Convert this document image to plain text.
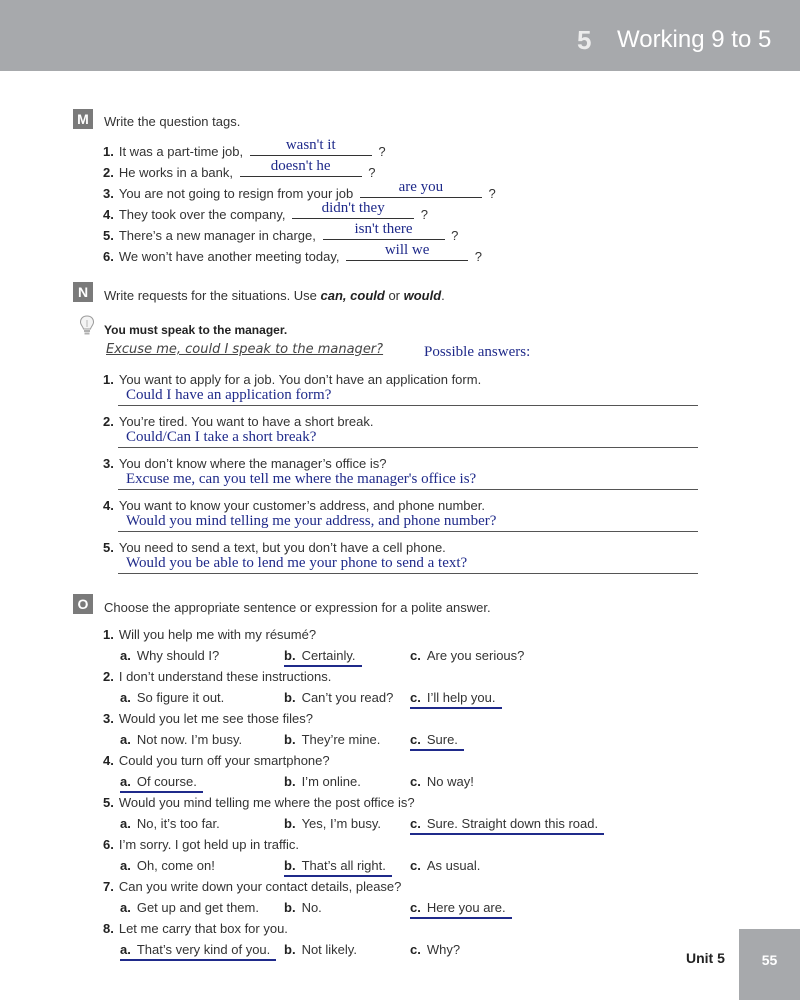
5 Working 9 to 5
M	Write the question tags.
1. It was a part-time job,	wasn't it	?
2. He works in a bank,	doesn't he	?
3. You are not going to resign from your job	are you	?
4. They took over the company,	didn't they	?
5. There’s a new manager in charge,	isn't there	?
6. We won’t have another meeting today,	will we	?
N	Write requests for the situations. Use can, could or would.
You must speak to the manager.
Excuse me, could I speak to the manager?	Possible answers:
1. You want to apply for a job. You don’t have an application form.
Could I have an application form?
2. You’re tired. You want to have a short break.
Could/Can I take a short break?
3. You don’t know where the manager’s office is?
Excuse me, can you tell me where the manager's office is?
4. You want to know your customer’s address, and phone number.
Would you mind telling me your address, and phone number?
5. You need to send a text, but you don’t have a cell phone.
Would you be able to lend me your phone to send a text?
O	Choose the appropriate sentence or expression for a polite answer.
1. Will you help me with my résumé?
a. Why should I?	b. Certainly.	c. Are you serious?
2. I don’t understand these instructions.
a. So figure it out.	b. Can’t you read? c. I’ll help you.
3. Would you let me see those files?
a. Not now. I’m busy.	b. They’re mine. c. Sure.
4. Could you turn off your smartphone?
a. Of course.	b. I’m online.	c. No way!
5. Would you mind telling me where the post office is?
a. No, it’s too far.	b. Yes, I’m busy. c. Sure. Straight down this road.
6. I’m sorry. I got held up in traffic.
a. Oh, come on!	b. That’s all right.	c. As usual.
7. Can you write down your contact details, please?
a. Get up and get them. b. No.	c. Here you are.
8. Let me carry that box for you.
a. That’s very kind of you.	b. Not likely.	c. Why?
Unit 5	55
